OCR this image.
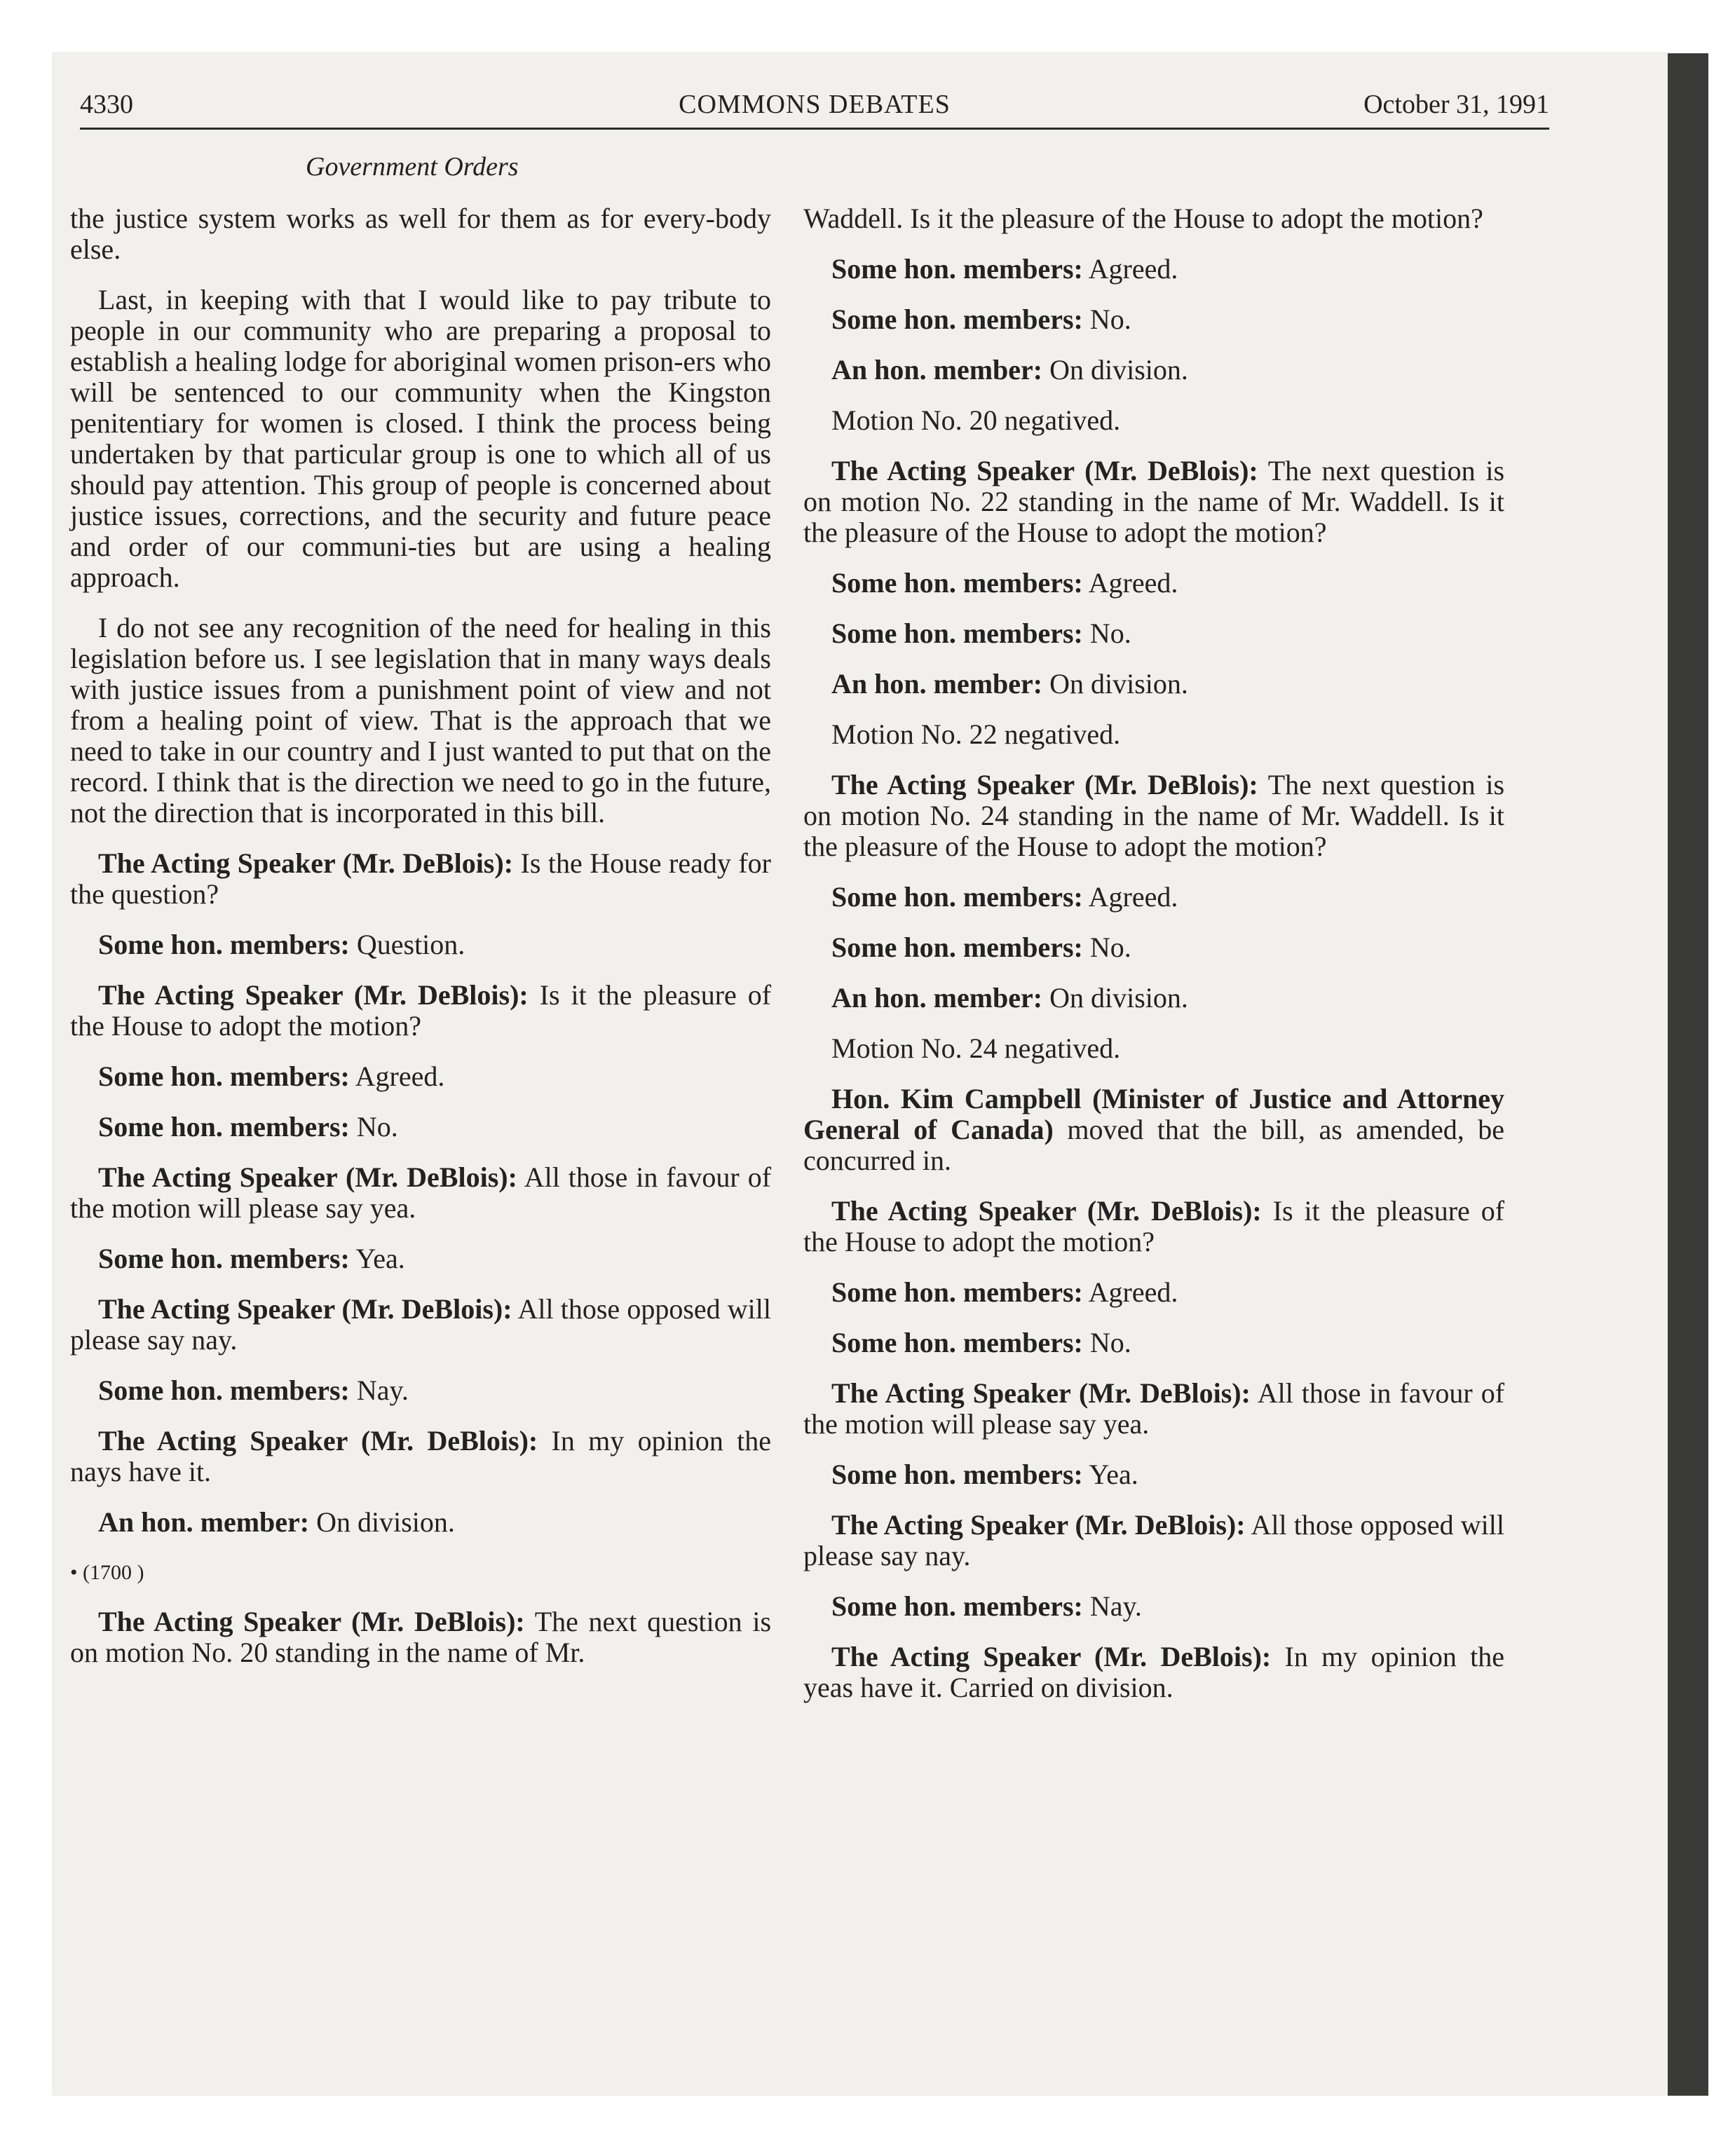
4330	COMMONS DEBATES	October 31, 1991
Government Orders

the justice system works as well for them as for every-body else.

Last, in keeping with that I would like to pay tribute to people in our community who are preparing a proposal to establish a healing lodge for aboriginal women prison-ers who will be sentenced to our community when the Kingston penitentiary for women is closed. I think the process being undertaken by that particular group is one to which all of us should pay attention. This group of people is concerned about justice issues, corrections, and the security and future peace and order of our communi-ties but are using a healing approach.

I do not see any recognition of the need for healing in this legislation before us. I see legislation that in many ways deals with justice issues from a punishment point of view and not from a healing point of view. That is the approach that we need to take in our country and I just wanted to put that on the record. I think that is the direction we need to go in the future, not the direction that is incorporated in this bill.

The Acting Speaker (Mr. DeBlois): Is the House ready for the question?

Some hon. members: Question.

The Acting Speaker (Mr. DeBlois): Is it the pleasure of the House to adopt the motion?

Some hon. members: Agreed.

Some hon. members: No.

The Acting Speaker (Mr. DeBlois): All those in favour of the motion will please say yea.

Some hon. members: Yea.

The Acting Speaker (Mr. DeBlois): All those opposed will please say nay.

Some hon. members: Nay.

The Acting Speaker (Mr. DeBlois): In my opinion the nays have it.

An hon. member: On division.

• (1700 )

The Acting Speaker (Mr. DeBlois): The next question is on motion No. 20 standing in the name of Mr.

Waddell. Is it the pleasure of the House to adopt the motion?

Some hon. members: Agreed.

Some hon. members: No.

An hon. member: On division.

Motion No. 20 negatived.

The Acting Speaker (Mr. DeBlois): The next question is on motion No. 22 standing in the name of Mr. Waddell. Is it the pleasure of the House to adopt the motion?

Some hon. members: Agreed.

Some hon. members: No.

An hon. member: On division.

Motion No. 22 negatived.

The Acting Speaker (Mr. DeBlois): The next question is on motion No. 24 standing in the name of Mr. Waddell. Is it the pleasure of the House to adopt the motion?

Some hon. members: Agreed.

Some hon. members: No.

An hon. member: On division.

Motion No. 24 negatived.

Hon. Kim Campbell (Minister of Justice and Attorney General of Canada) moved that the bill, as amended, be concurred in.

The Acting Speaker (Mr. DeBlois): Is it the pleasure of the House to adopt the motion?

Some hon. members: Agreed.

Some hon. members: No.

The Acting Speaker (Mr. DeBlois): All those in favour of the motion will please say yea.

Some hon. members: Yea.

The Acting Speaker (Mr. DeBlois): All those opposed will please say nay.

Some hon. members: Nay.

The Acting Speaker (Mr. DeBlois): In my opinion the yeas have it. Carried on division.
